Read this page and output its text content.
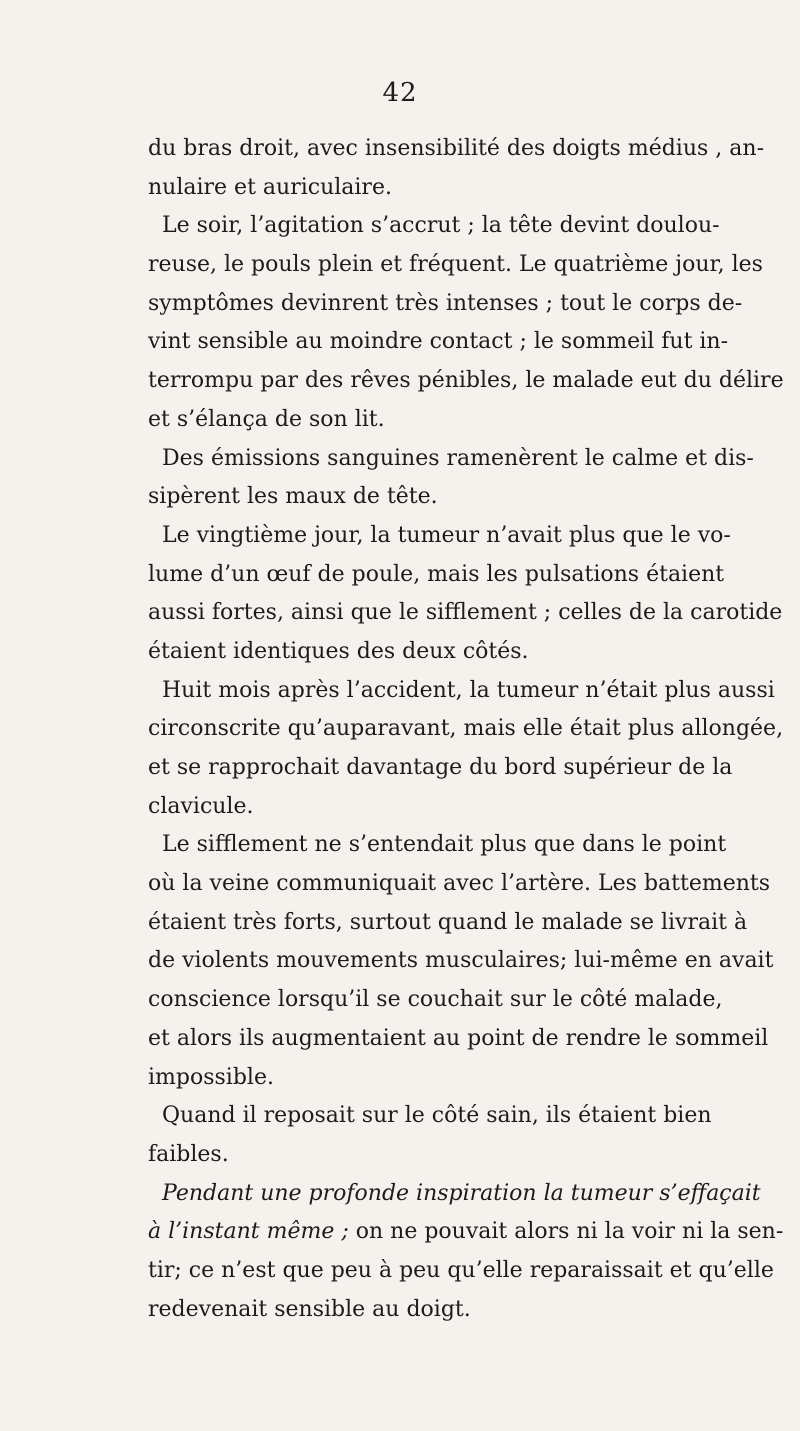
42
du bras droit, avec insensibilité des doigts médius , an-
nulaire et auriculaire.
Le soir, l’agitation s’accrut ; la tête devint doulou-
reuse, le pouls plein et fréquent. Le quatrième jour, les
symptômes devinrent très intenses ; tout le corps de-
vint sensible au moindre contact ; le sommeil fut in-
terrompu par des rêves pénibles, le malade eut du délire
et s’élança de son lit.
Des émissions sanguines ramenèrent le calme et dis-
sipèrent les maux de tête.
Le vingtième jour, la tumeur n’avait plus que le vo-
lume d’un œuf de poule, mais les pulsations étaient
aussi fortes, ainsi que le sifflement ; celles de la carotide
étaient identiques des deux côtés.
Huit mois après l’accident, la tumeur n’était plus aussi
circonscrite qu’auparavant, mais elle était plus allongée,
et se rapprochait davantage du bord supérieur de la
clavicule.
Le sifflement ne s’entendait plus que dans le point
où la veine communiquait avec l’artère. Les battements
étaient très forts, surtout quand le malade se livrait à
de violents mouvements musculaires; lui-même en avait
conscience lorsqu’il se couchait sur le côté malade,
et alors ils augmentaient au point de rendre le sommeil
impossible.
Quand il reposait sur le côté sain, ils étaient bien
faibles.
Pendant une profonde inspiration la tumeur s’effaçait
à l’instant même ; on ne pouvait alors ni la voir ni la sen-
tir; ce n’est que peu à peu qu’elle reparaissait et qu’elle
redevenait sensible au doigt.
